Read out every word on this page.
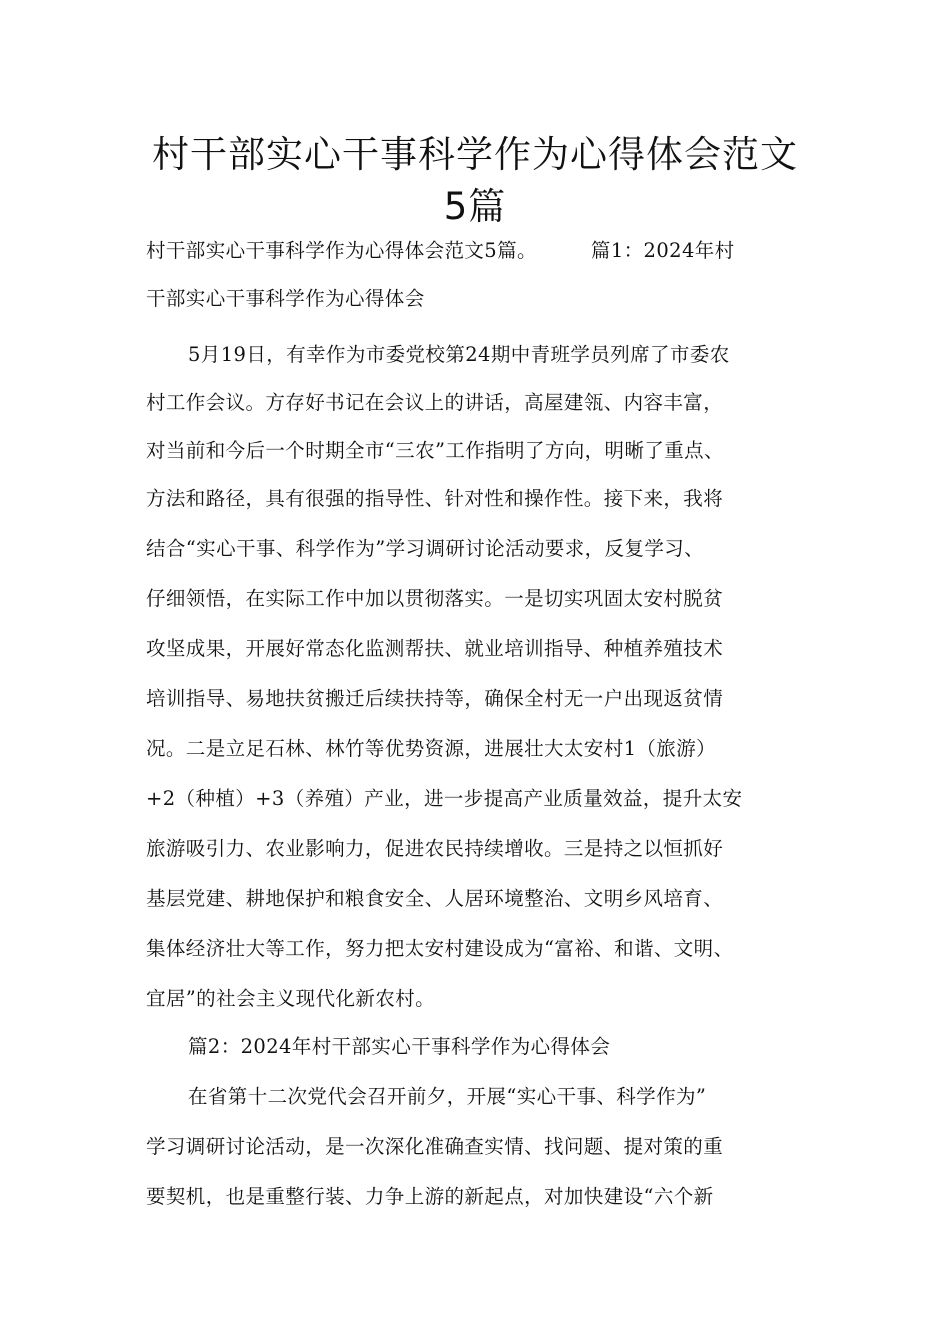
村干部实心干事科学作为心得体会范文
5篇
村干部实心干事科学作为心得体会范文5篇。	篇1：2024年村
干部实心干事科学作为心得体会
5月19日，有幸作为市委党校第24期中青班学员列席了市委农
村工作会议。方存好书记在会议上的讲话，高屋建瓴、内容丰富，
对当前和今后一个时期全市“三农”工作指明了方向，明晰了重点、
方法和路径，具有很强的指导性、针对性和操作性。接下来，我将
结合“实心干事、科学作为”学习调研讨论活动要求，反复学习、
仔细领悟，在实际工作中加以贯彻落实。一是切实巩固太安村脱贫
攻坚成果，开展好常态化监测帮扶、就业培训指导、种植养殖技术
培训指导、易地扶贫搬迁后续扶持等，确保全村无一户出现返贫情
况。二是立足石林、林竹等优势资源，进展壮大太安村1（旅游）
+2（种植）+3（养殖）产业，进一步提高产业质量效益，提升太安
旅游吸引力、农业影响力，促进农民持续增收。三是持之以恒抓好
基层党建、耕地保护和粮食安全、人居环境整治、文明乡风培育、
集体经济壮大等工作，努力把太安村建设成为“富裕、和谐、文明、
宜居”的社会主义现代化新农村。
篇2：2024年村干部实心干事科学作为心得体会
在省第十二次党代会召开前夕，开展“实心干事、科学作为”
学习调研讨论活动，是一次深化准确查实情、找问题、提对策的重
要契机，也是重整行装、力争上游的新起点，对加快建设“六个新
